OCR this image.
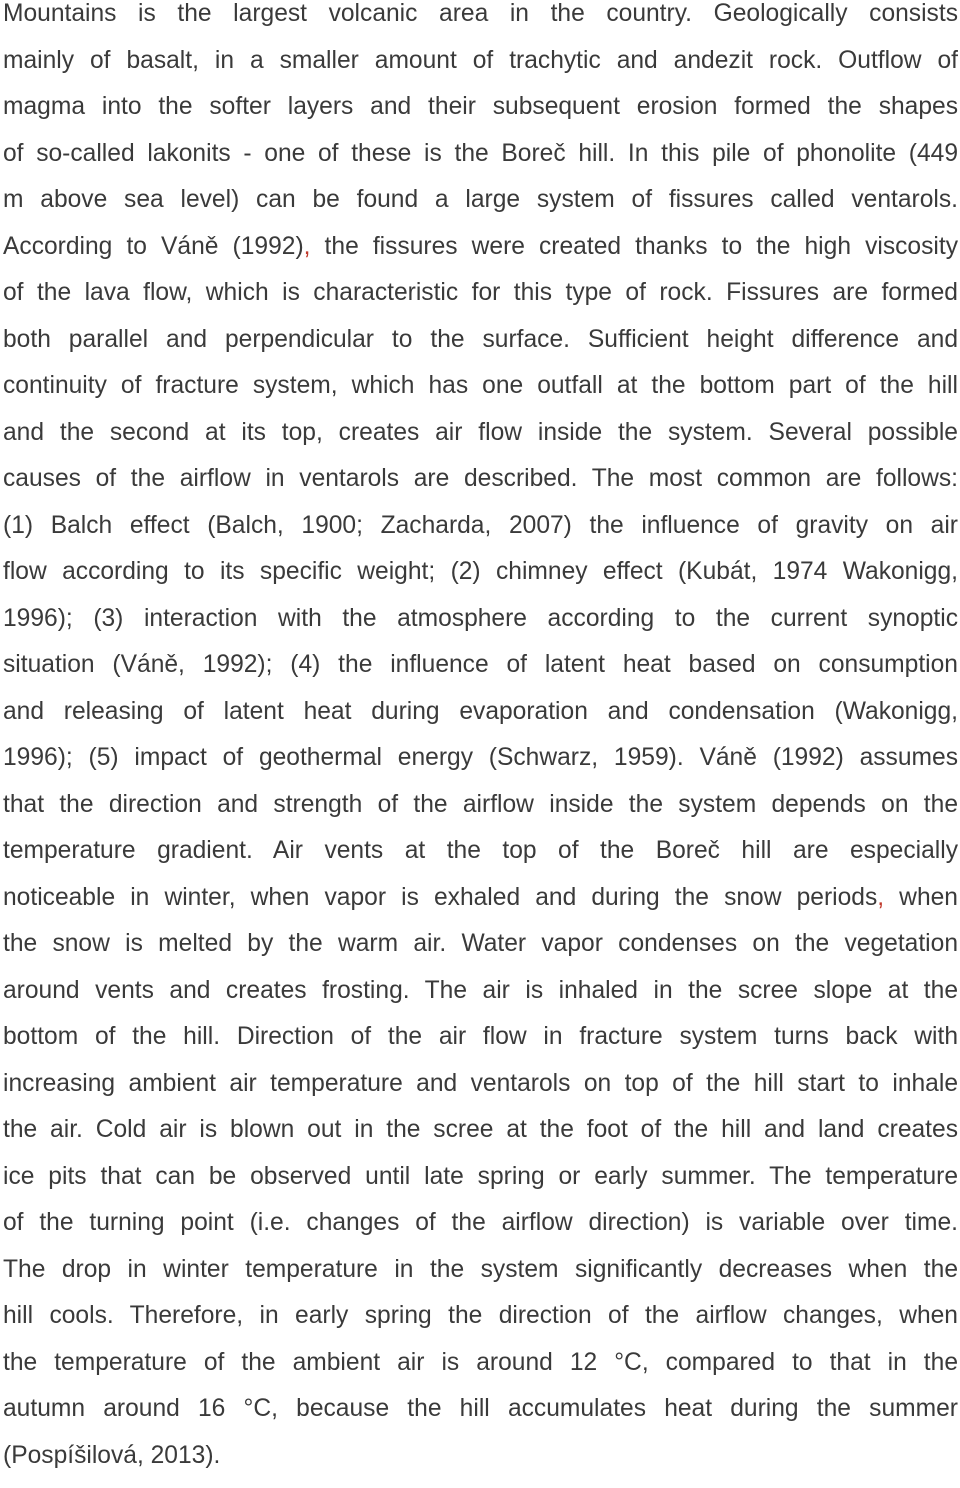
Mountains is the largest volcanic area in the country. Geologically consists
mainly of basalt, in a smaller amount of trachytic and andezit rock. Outflow of
magma into the softer layers and their subsequent erosion formed the shapes
of so-called lakonits - one of these is the Boreč hill. In this pile of phonolite (449
m above sea level) can be found a large system of fissures called ventarols.
According to Váně (1992), the fissures were created thanks to the high viscosity
of the lava flow, which is characteristic for this type of rock. Fissures are formed
both parallel and perpendicular to the surface. Sufficient height difference and
continuity of fracture system, which has one outfall at the bottom part of the hill
and the second at its top, creates air flow inside the system. Several possible
causes of the airflow in ventarols are described. The most common are follows:
(1) Balch effect (Balch, 1900; Zacharda, 2007) the influence of gravity on air
flow according to its specific weight; (2) chimney effect (Kubát, 1974 Wakonigg,
1996); (3) interaction with the atmosphere according to the current synoptic
situation (Váně, 1992); (4) the influence of latent heat based on consumption
and releasing of latent heat during evaporation and condensation (Wakonigg,
1996); (5) impact of geothermal energy (Schwarz, 1959). Váně (1992) assumes
that the direction and strength of the airflow inside the system depends on the
temperature gradient. Air vents at the top of the Boreč hill are especially
noticeable in winter, when vapor is exhaled and during the snow periods, when
the snow is melted by the warm air. Water vapor condenses on the vegetation
around vents and creates frosting. The air is inhaled in the scree slope at the
bottom of the hill. Direction of the air flow in fracture system turns back with
increasing ambient air temperature and ventarols on top of the hill start to inhale
the air. Cold air is blown out in the scree at the foot of the hill and land creates
ice pits that can be observed until late spring or early summer. The temperature
of the turning point (i.e. changes of the airflow direction) is variable over time.
The drop in winter temperature in the system significantly decreases when the
hill cools. Therefore, in early spring the direction of the airflow changes, when
the temperature of the ambient air is around 12 °C, compared to that in the
autumn around 16 °C, because the hill accumulates heat during the summer
(Pospíšilová, 2013).
